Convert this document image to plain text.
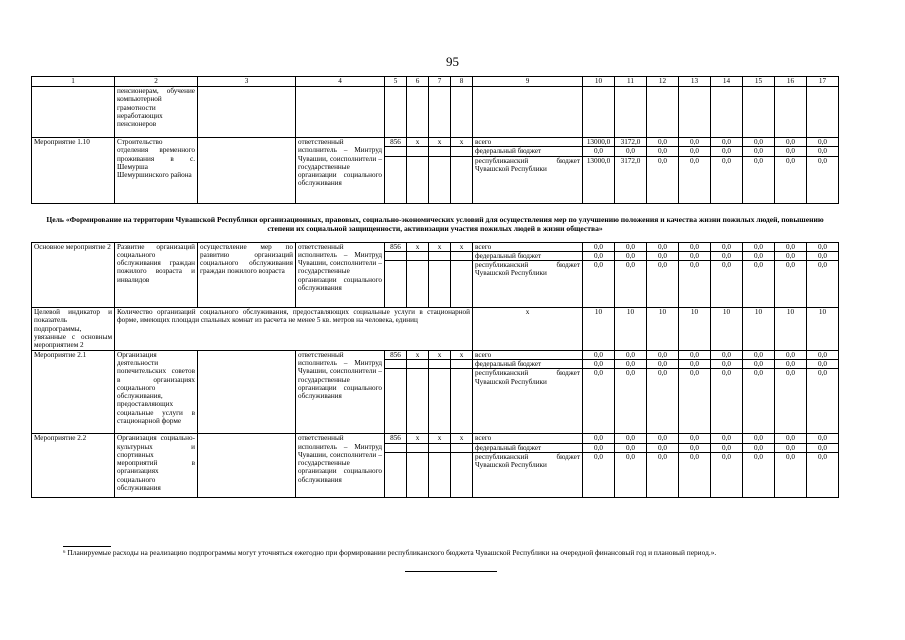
95
1	2	3	4	5	6	7	8	9	10	11	12	13	14	15	16	17
	пенсионерам, обучение компьютерной грамотности неработающих пенсионеров															
Мероприятие 1.10	Строительство отделения временного проживания в с. Шемурша Шемуршинского района		ответственный исполнитель – Минтруд Чувашии, соисполнители – государственные организации социального обслуживания	856	x	x	x	всего	13000,0	3172,0	0,0	0,0	0,0	0,0	0,0	0,0
								федеральный бюджет	0,0	0,0	0,0	0,0	0,0	0,0	0,0	0,0
								республиканский бюджет Чувашской Республики	13000,0	3172,0	0,0	0,0	0,0	0,0	0,0	0,0
Цель «Формирование на территории Чувашской Республики организационных, правовых, социально-экономических условий для осуществления мер по улучшению положения и качества жизни пожилых людей, повышению степени их социальной защищенности, активизации участия пожилых людей в жизни общества»																
Основное мероприятие 2	Развитие организаций социального обслуживания граждан пожилого возраста и инвалидов	осуществление мер по развитию организаций социального обслуживания граждан пожилого возраста	ответственный исполнитель – Минтруд Чувашии, соисполнители – государственные организации социального обслуживания	856	x	x	x	всего	0,0	0,0	0,0	0,0	0,0	0,0	0,0	0,0
								федеральный бюджет	0,0	0,0	0,0	0,0	0,0	0,0	0,0	0,0
								республиканский бюджет Чувашской Республики	0,0	0,0	0,0	0,0	0,0	0,0	0,0	0,0
Целевой индикатор и показатель подпрограммы, увязанные с основным мероприятием 2	Количество организаций социального обслуживания, предоставляющих социальные услуги в стационарной форме, имеющих площади спальных комнат из расчета не менее 5 кв. метров на человека, единиц							x	10	10	10	10	10	10	10	10
Мероприятие 2.1	Организация деятельности попечительских советов в организациях социального обслуживания, предоставляющих социальные услуги в стационарной форме		ответственный исполнитель – Минтруд Чувашии, соисполнители – государственные организации социального обслуживания	856	x	x	x	всего	0,0	0,0	0,0	0,0	0,0	0,0	0,0	0,0
								федеральный бюджет	0,0	0,0	0,0	0,0	0,0	0,0	0,0	0,0
								республиканский бюджет Чувашской Республики	0,0	0,0	0,0	0,0	0,0	0,0	0,0	0,0
Мероприятие 2.2	Организация социально-культурных и спортивных мероприятий в организациях социального обслуживания		ответственный исполнитель – Минтруд Чувашии, соисполнители – государственные организации социального обслуживания	856	x	x	x	всего	0,0	0,0	0,0	0,0	0,0	0,0	0,0	0,0
								федеральный бюджет	0,0	0,0	0,0	0,0	0,0	0,0	0,0	0,0
								республиканский бюджет Чувашской Республики	0,0	0,0	0,0	0,0	0,0	0,0	0,0	0,0
⁶ Планируемые расходы на реализацию подпрограммы могут уточняться ежегодно при формировании республиканского бюджета Чувашской Республики на очередной финансовый год и плановый период.».
